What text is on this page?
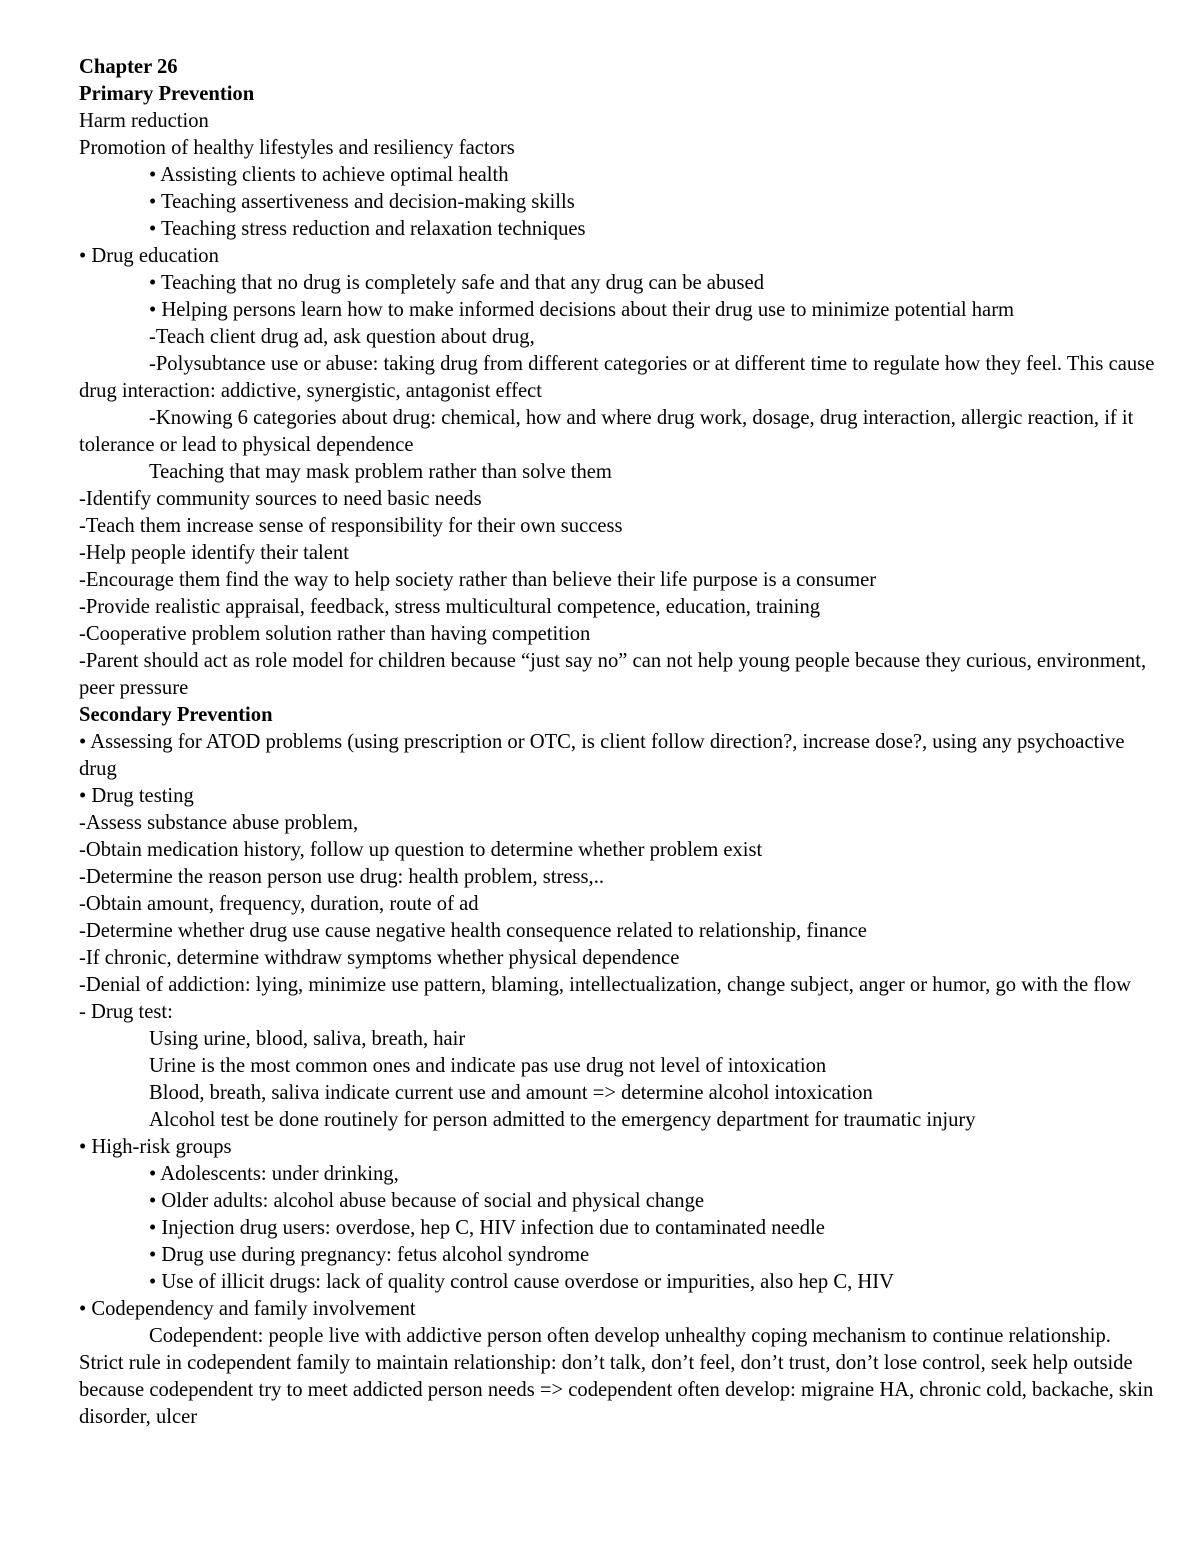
Chapter 26

Primary Prevention

Harm reduction

Promotion of healthy lifestyles and resiliency factors

• Assisting clients to achieve optimal health

• Teaching assertiveness and decision-making skills

• Teaching stress reduction and relaxation techniques

• Drug education

• Teaching that no drug is completely safe and that any drug can be abused

• Helping persons learn how to make informed decisions about their drug use to minimize potential harm

-Teach client drug ad, ask question about drug,

-Polysubtance use or abuse: taking drug from different categories or at different time to regulate how they feel. This cause drug interaction: addictive, synergistic, antagonist effect

-Knowing 6 categories about drug: chemical, how and where drug work, dosage, drug interaction, allergic reaction, if it tolerance or lead to physical dependence

Teaching that may mask problem rather than solve them

-Identify community sources to need basic needs

-Teach them increase sense of responsibility for their own success

-Help people identify their talent

-Encourage them find the way to help society rather than believe their life purpose is a consumer

-Provide realistic appraisal, feedback, stress multicultural competence, education, training

-Cooperative problem solution rather than having competition

-Parent should act as role model for children because “just say no” can not help young people because they curious, environment, peer pressure

Secondary Prevention

• Assessing for ATOD problems (using prescription or OTC, is client follow direction?, increase dose?, using any psychoactive drug

• Drug testing

-Assess substance abuse problem,

-Obtain medication history, follow up question to determine whether problem exist

-Determine the reason person use drug: health problem, stress,..

-Obtain amount, frequency, duration, route of ad

-Determine whether drug use cause negative health consequence related to relationship, finance

-If chronic, determine withdraw symptoms whether physical dependence

-Denial of addiction: lying, minimize use pattern, blaming, intellectualization, change subject, anger or humor, go with the flow

- Drug test:

Using urine, blood, saliva, breath, hair

Urine is the most common ones and indicate pas use drug not level of intoxication

Blood, breath, saliva indicate current use and amount => determine alcohol intoxication

Alcohol test be done routinely for person admitted to the emergency department for traumatic injury

• High-risk groups

• Adolescents: under drinking,

• Older adults: alcohol abuse because of social and physical change

• Injection drug users: overdose, hep C, HIV infection due to contaminated needle

• Drug use during pregnancy: fetus alcohol syndrome

• Use of illicit drugs: lack of quality control cause overdose or impurities, also hep C, HIV

• Codependency and family involvement

Codependent: people live with addictive person often develop unhealthy coping mechanism to continue relationship. Strict rule in codependent family to maintain relationship: don’t talk, don’t feel, don’t trust, don’t lose control, seek help outside because codependent try to meet addicted person needs => codependent often develop: migraine HA, chronic cold, backache, skin disorder, ulcer
